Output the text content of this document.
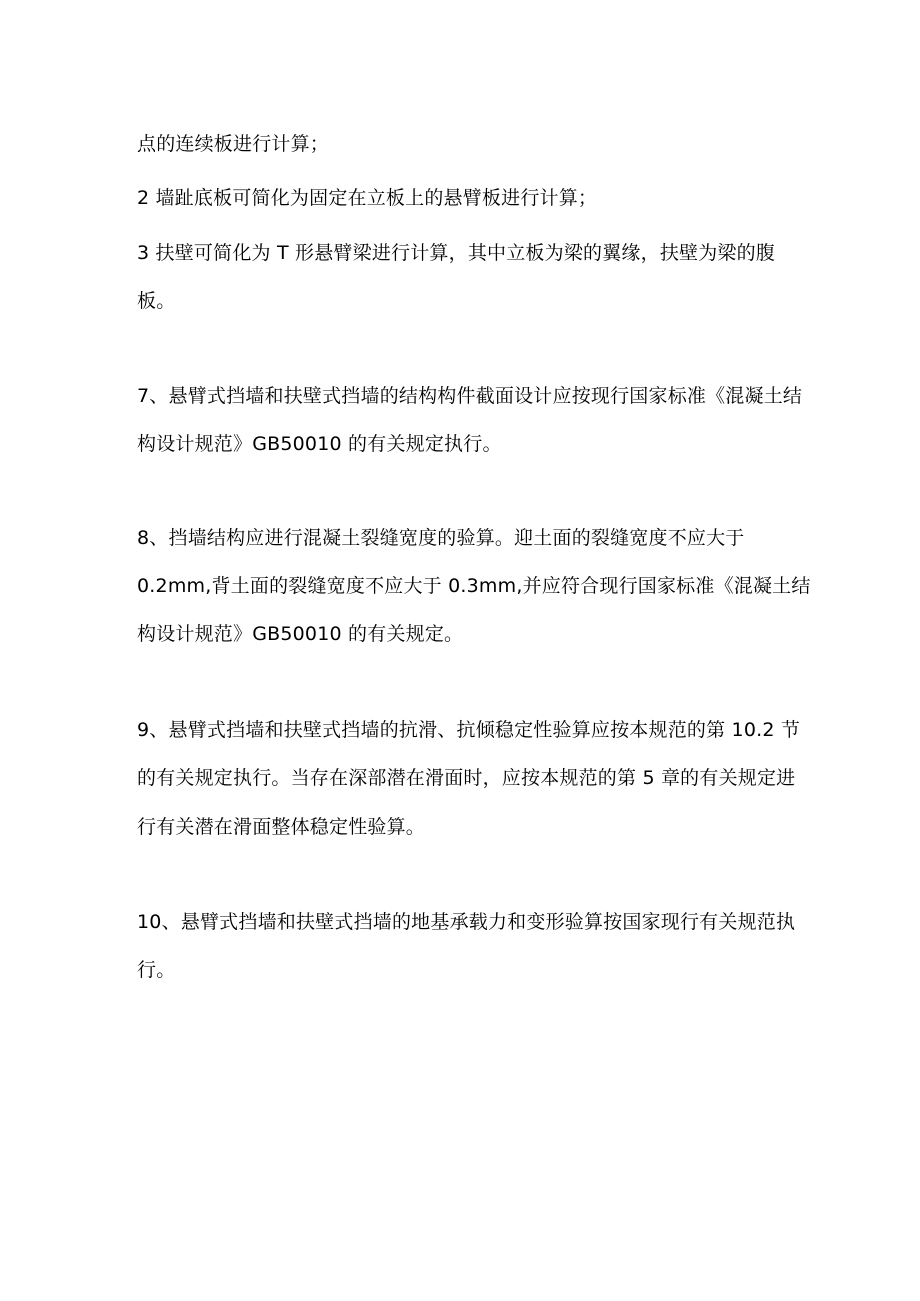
点的连续板进行计算；

2 墙趾底板可简化为固定在立板上的悬臂板进行计算；

3 扶壁可简化为 T 形悬臂梁进行计算，其中立板为梁的翼缘，扶壁为梁的腹

板。

7、悬臂式挡墙和扶壁式挡墙的结构构件截面设计应按现行国家标准《混凝土结

构设计规范》GB50010 的有关规定执行。

8、挡墙结构应进行混凝土裂缝宽度的验算。迎土面的裂缝宽度不应大于

0.2mm,背土面的裂缝宽度不应大于 0.3mm,并应符合现行国家标准《混凝土结

构设计规范》GB50010 的有关规定。

9、悬臂式挡墙和扶壁式挡墙的抗滑、抗倾稳定性验算应按本规范的第 10.2 节

的有关规定执行。当存在深部潜在滑面时，应按本规范的第 5 章的有关规定进

行有关潜在滑面整体稳定性验算。

10、悬臂式挡墙和扶壁式挡墙的地基承载力和变形验算按国家现行有关规范执

行。
